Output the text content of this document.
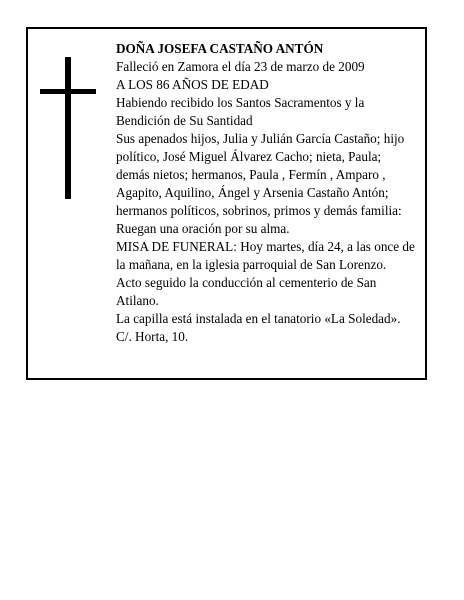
DOÑA JOSEFA CASTAÑO ANTÓN
Falleció en Zamora el día 23 de marzo de 2009
A LOS 86 AÑOS DE EDAD
Habiendo recibido los Santos Sacramentos y la Bendición de Su Santidad
Sus apenados hijos, Julia y Julián García Castaño; hijo político, José Miguel Álvarez Cacho; nieta, Paula; demás nietos; hermanos, Paula , Fermín , Amparo , Agapito, Aquilino, Ángel y Arsenia Castaño Antón; hermanos políticos, sobrinos, primos y demás familia:
Ruegan una oración por su alma.
MISA DE FUNERAL: Hoy martes, día 24, a las once de la mañana, en la iglesia parroquial de San Lorenzo.
Acto seguido la conducción al cementerio de San Atilano.
La capilla está instalada en el tanatorio «La Soledad».
C/. Horta, 10.
